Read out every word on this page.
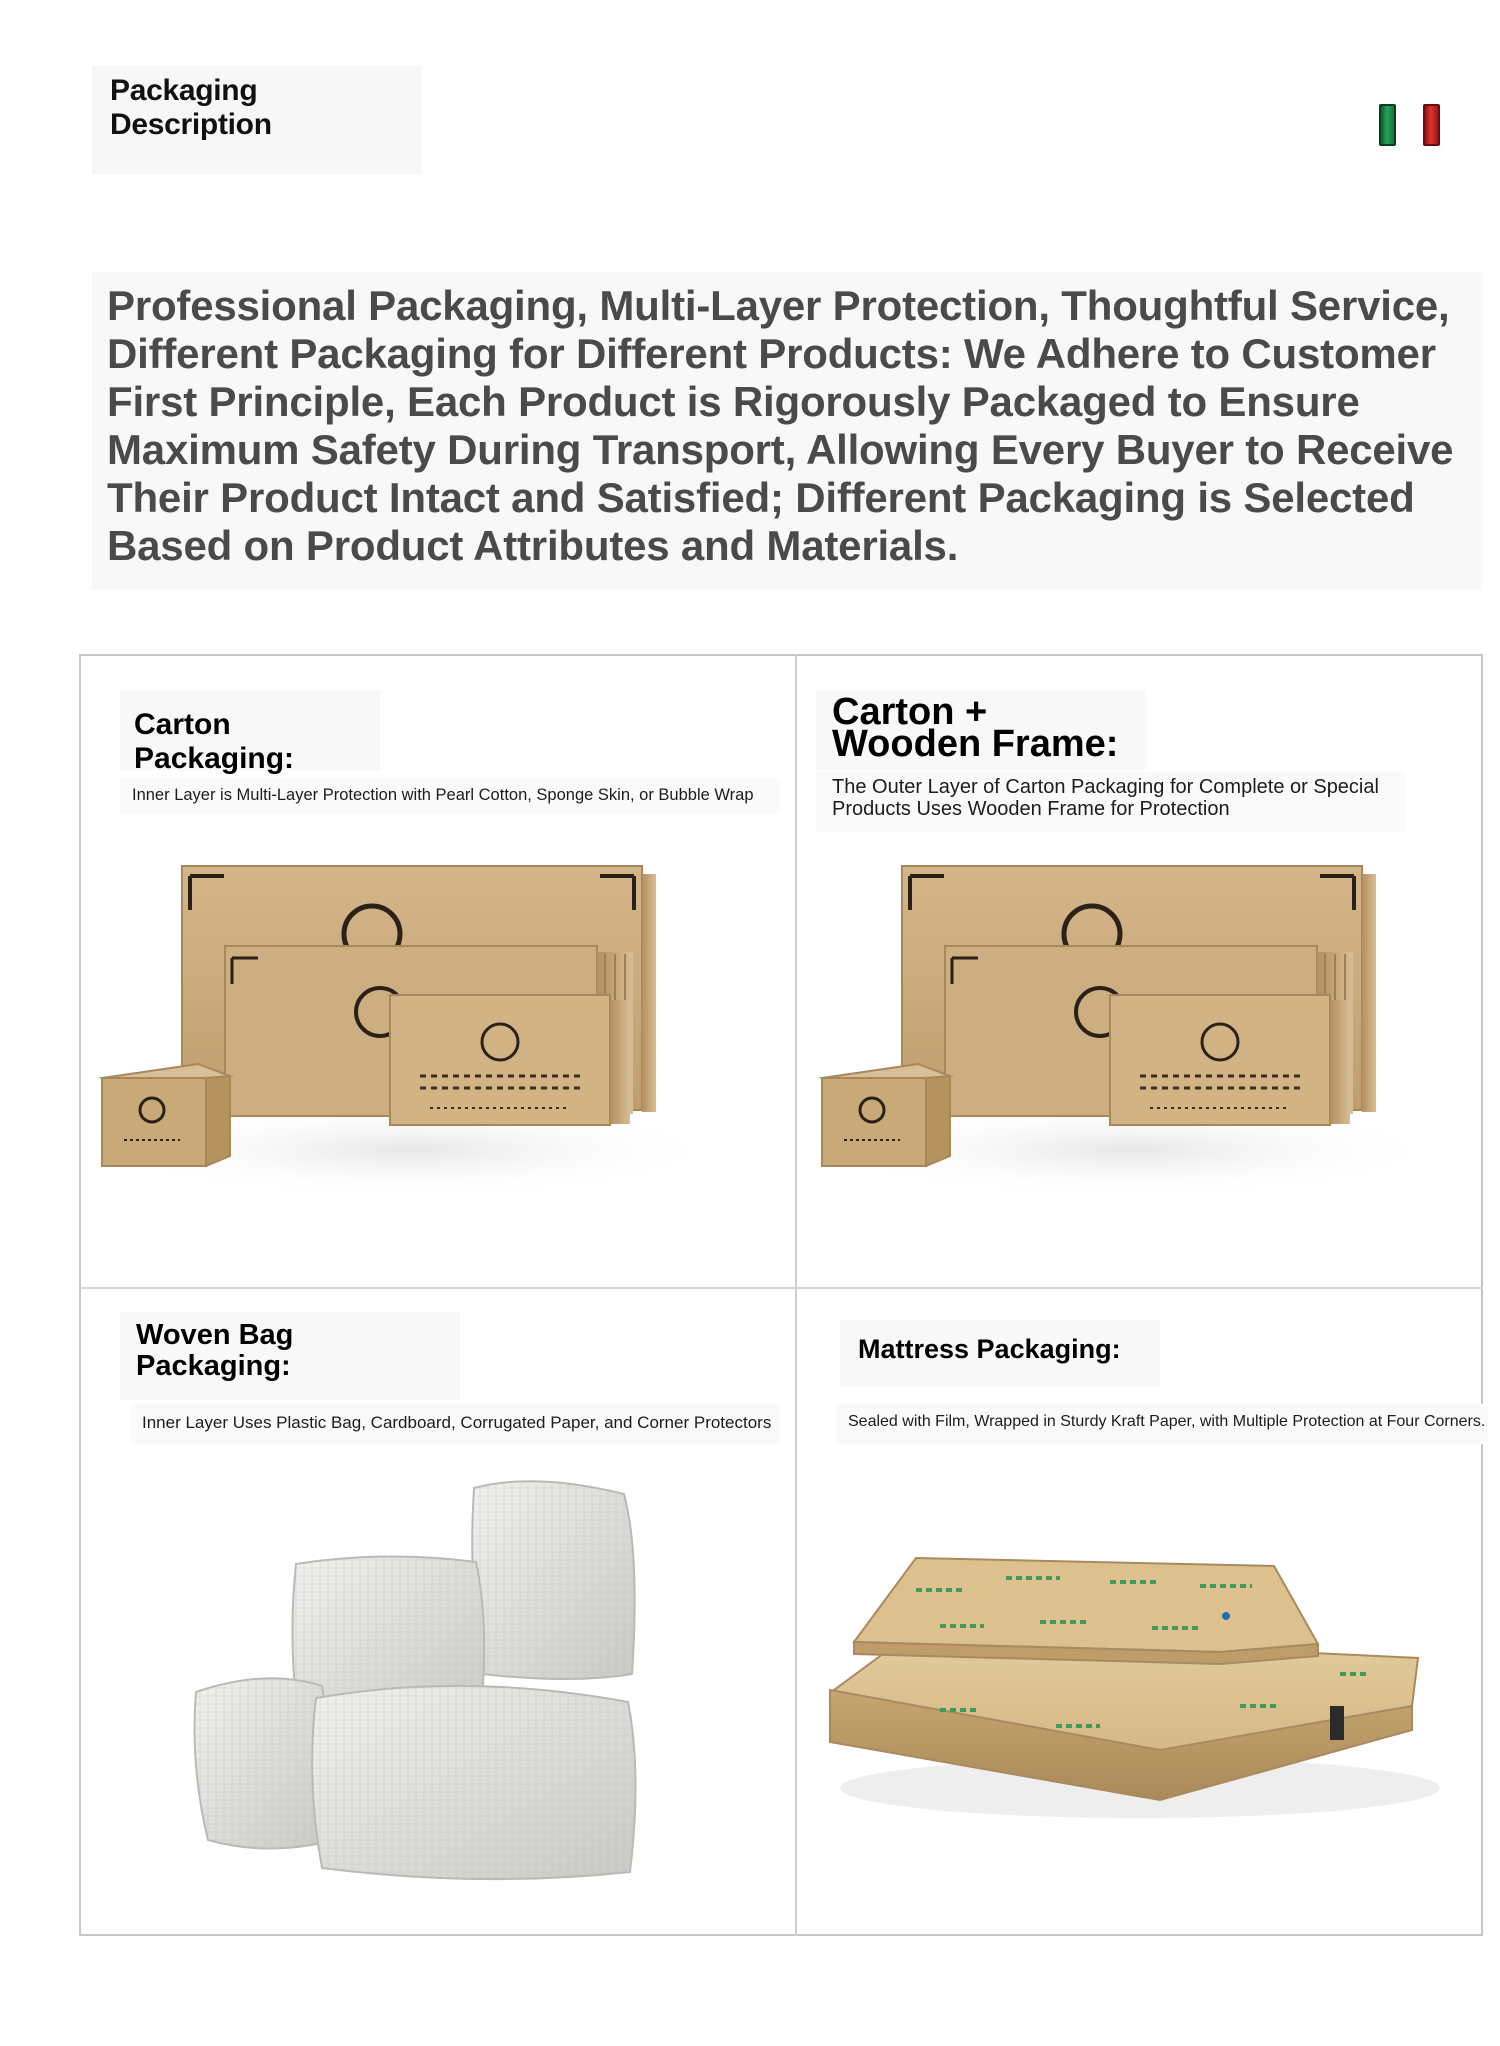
Packaging Description
Professional Packaging, Multi-Layer Protection, Thoughtful Service, Different Packaging for Different Products: We Adhere to Customer First Principle, Each Product is Rigorously Packaged to Ensure Maximum Safety During Transport, Allowing Every Buyer to Receive Their Product Intact and Satisfied; Different Packaging is Selected Based on Product Attributes and Materials.
Carton Packaging:
Inner Layer is Multi-Layer Protection with Pearl Cotton, Sponge Skin, or Bubble Wrap
Carton +
Wooden Frame:
The Outer Layer of Carton Packaging for Complete or Special Products Uses Wooden Frame for Protection
Woven Bag
Packaging:
Inner Layer Uses Plastic Bag, Cardboard, Corrugated Paper, and Corner Protectors
Mattress Packaging:
Sealed with Film, Wrapped in Sturdy Kraft Paper, with Multiple Protection at Four Corners.
